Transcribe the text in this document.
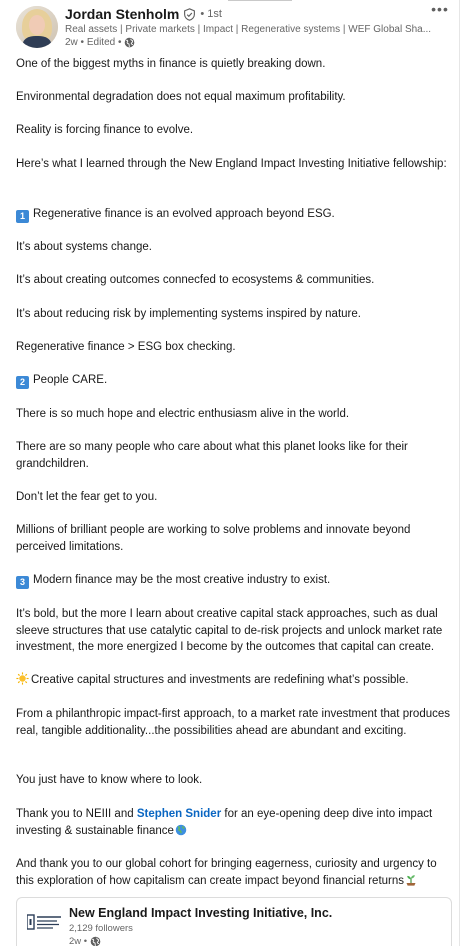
Jordan Stenholm • 1st
Real assets | Private markets | Impact | Regenerative systems | WEF Global Sha...
2w • Edited •
•••

One of the biggest myths in finance is quietly breaking down.

Environmental degradation does not equal maximum profitability.

Reality is forcing finance to evolve.

Here’s what I learned through the New England Impact Investing Initiative fellowship:

1 Regenerative finance is an evolved approach beyond ESG.

It’s about systems change.

It’s about creating outcomes connecfed to ecosystems & communities.

It’s about reducing risk by implementing systems inspired by nature.

Regenerative finance > ESG box checking.

2 People CARE.

There is so much hope and electric enthusiasm alive in the world.

There are so many people who care about what this planet looks like for their grandchildren.

Don’t let the fear get to you.

Millions of brilliant people are working to solve problems and innovate beyond perceived limitations.

3 Modern finance may be the most creative industry to exist.

It’s bold, but the more I learn about creative capital stack approaches, such as dual sleeve structures that use catalytic capital to de-risk projects and unlock market rate investment, the more energized I become by the outcomes that capital can create.

Creative capital structures and investments are redefining what’s possible.

From a philanthropic impact-first approach, to a market rate investment that produces real, tangible additionality...the possibilities ahead are abundant and exciting.

You just have to know where to look.

Thank you to NEIII and Stephen Snider for an eye-opening deep dive into impact investing & sustainable finance

And thank you to our global cohort for bringing eagerness, curiosity and urgency to this exploration of how capitalism can create impact beyond financial returns

New England Impact Investing Initiative, Inc.
2,129 followers
2w •
